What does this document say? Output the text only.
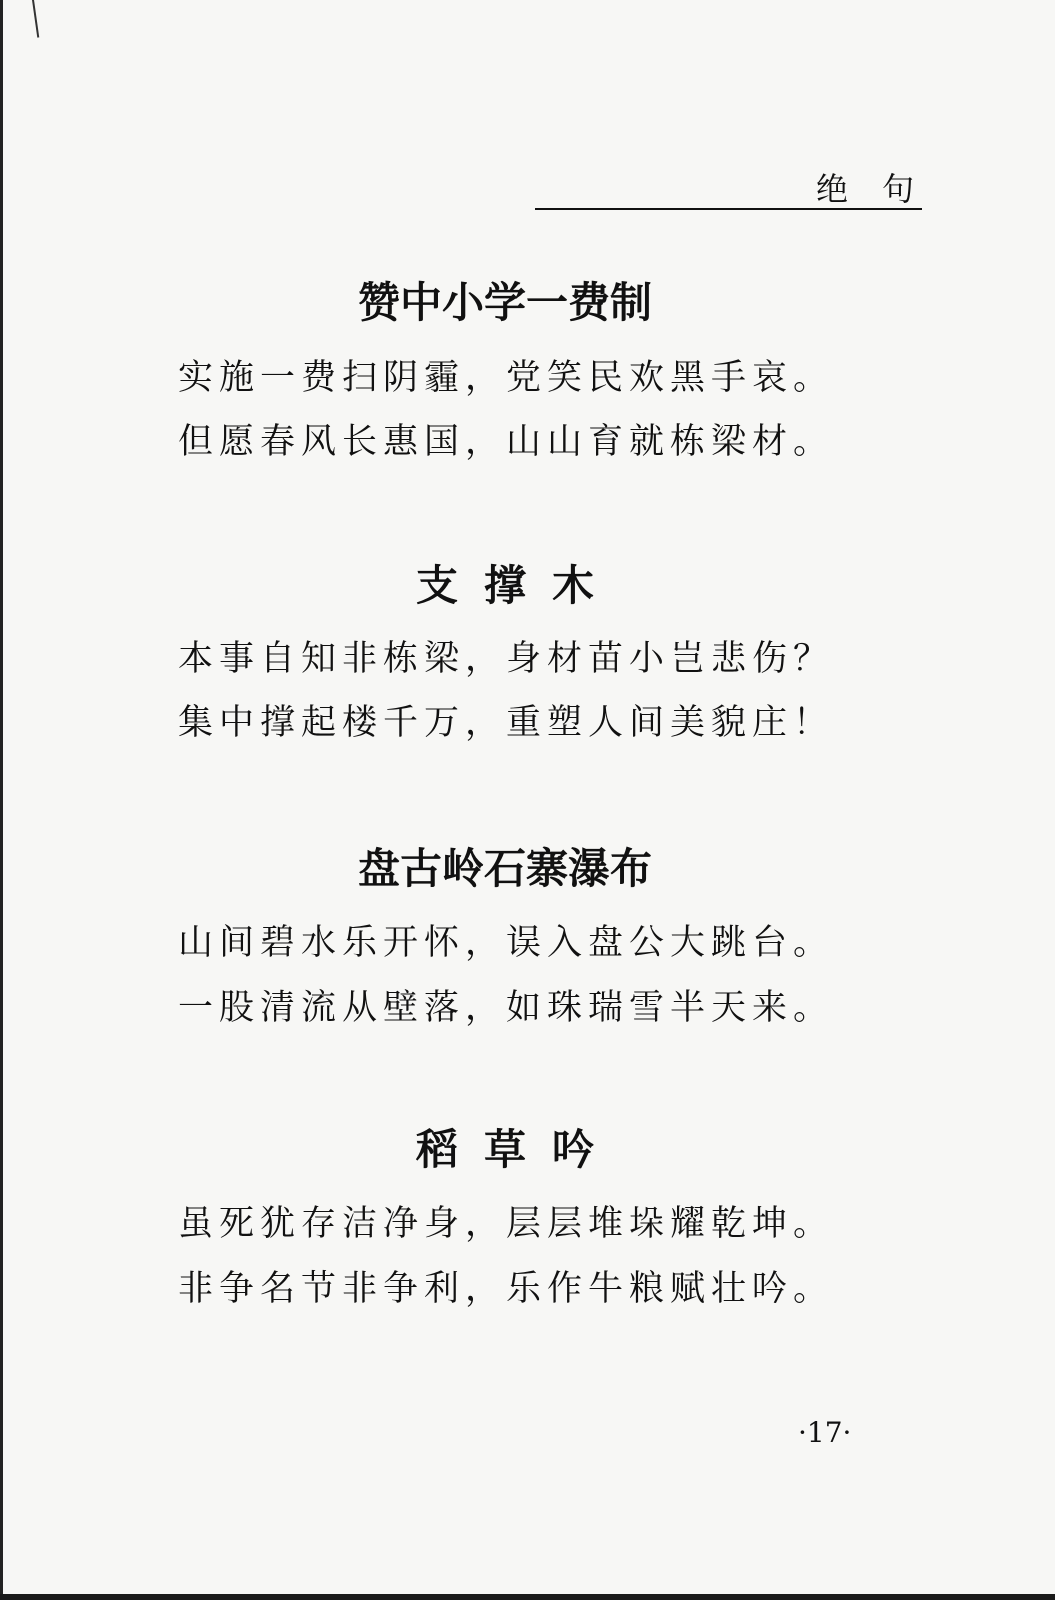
绝句
赞中小学一费制
实施一费扫阴霾，党笑民欢黑手哀。
但愿春风长惠国，山山育就栋梁材。
支撑木
本事自知非栋梁，身材苗小岂悲伤？
集中撑起楼千万，重塑人间美貌庄！
盘古岭石寨瀑布
山间碧水乐开怀，误入盘公大跳台。
一股清流从壁落，如珠瑞雪半天来。
稻草吟
虽死犹存洁净身，层层堆垛耀乾坤。
非争名节非争利，乐作牛粮赋壮吟。
·17·
